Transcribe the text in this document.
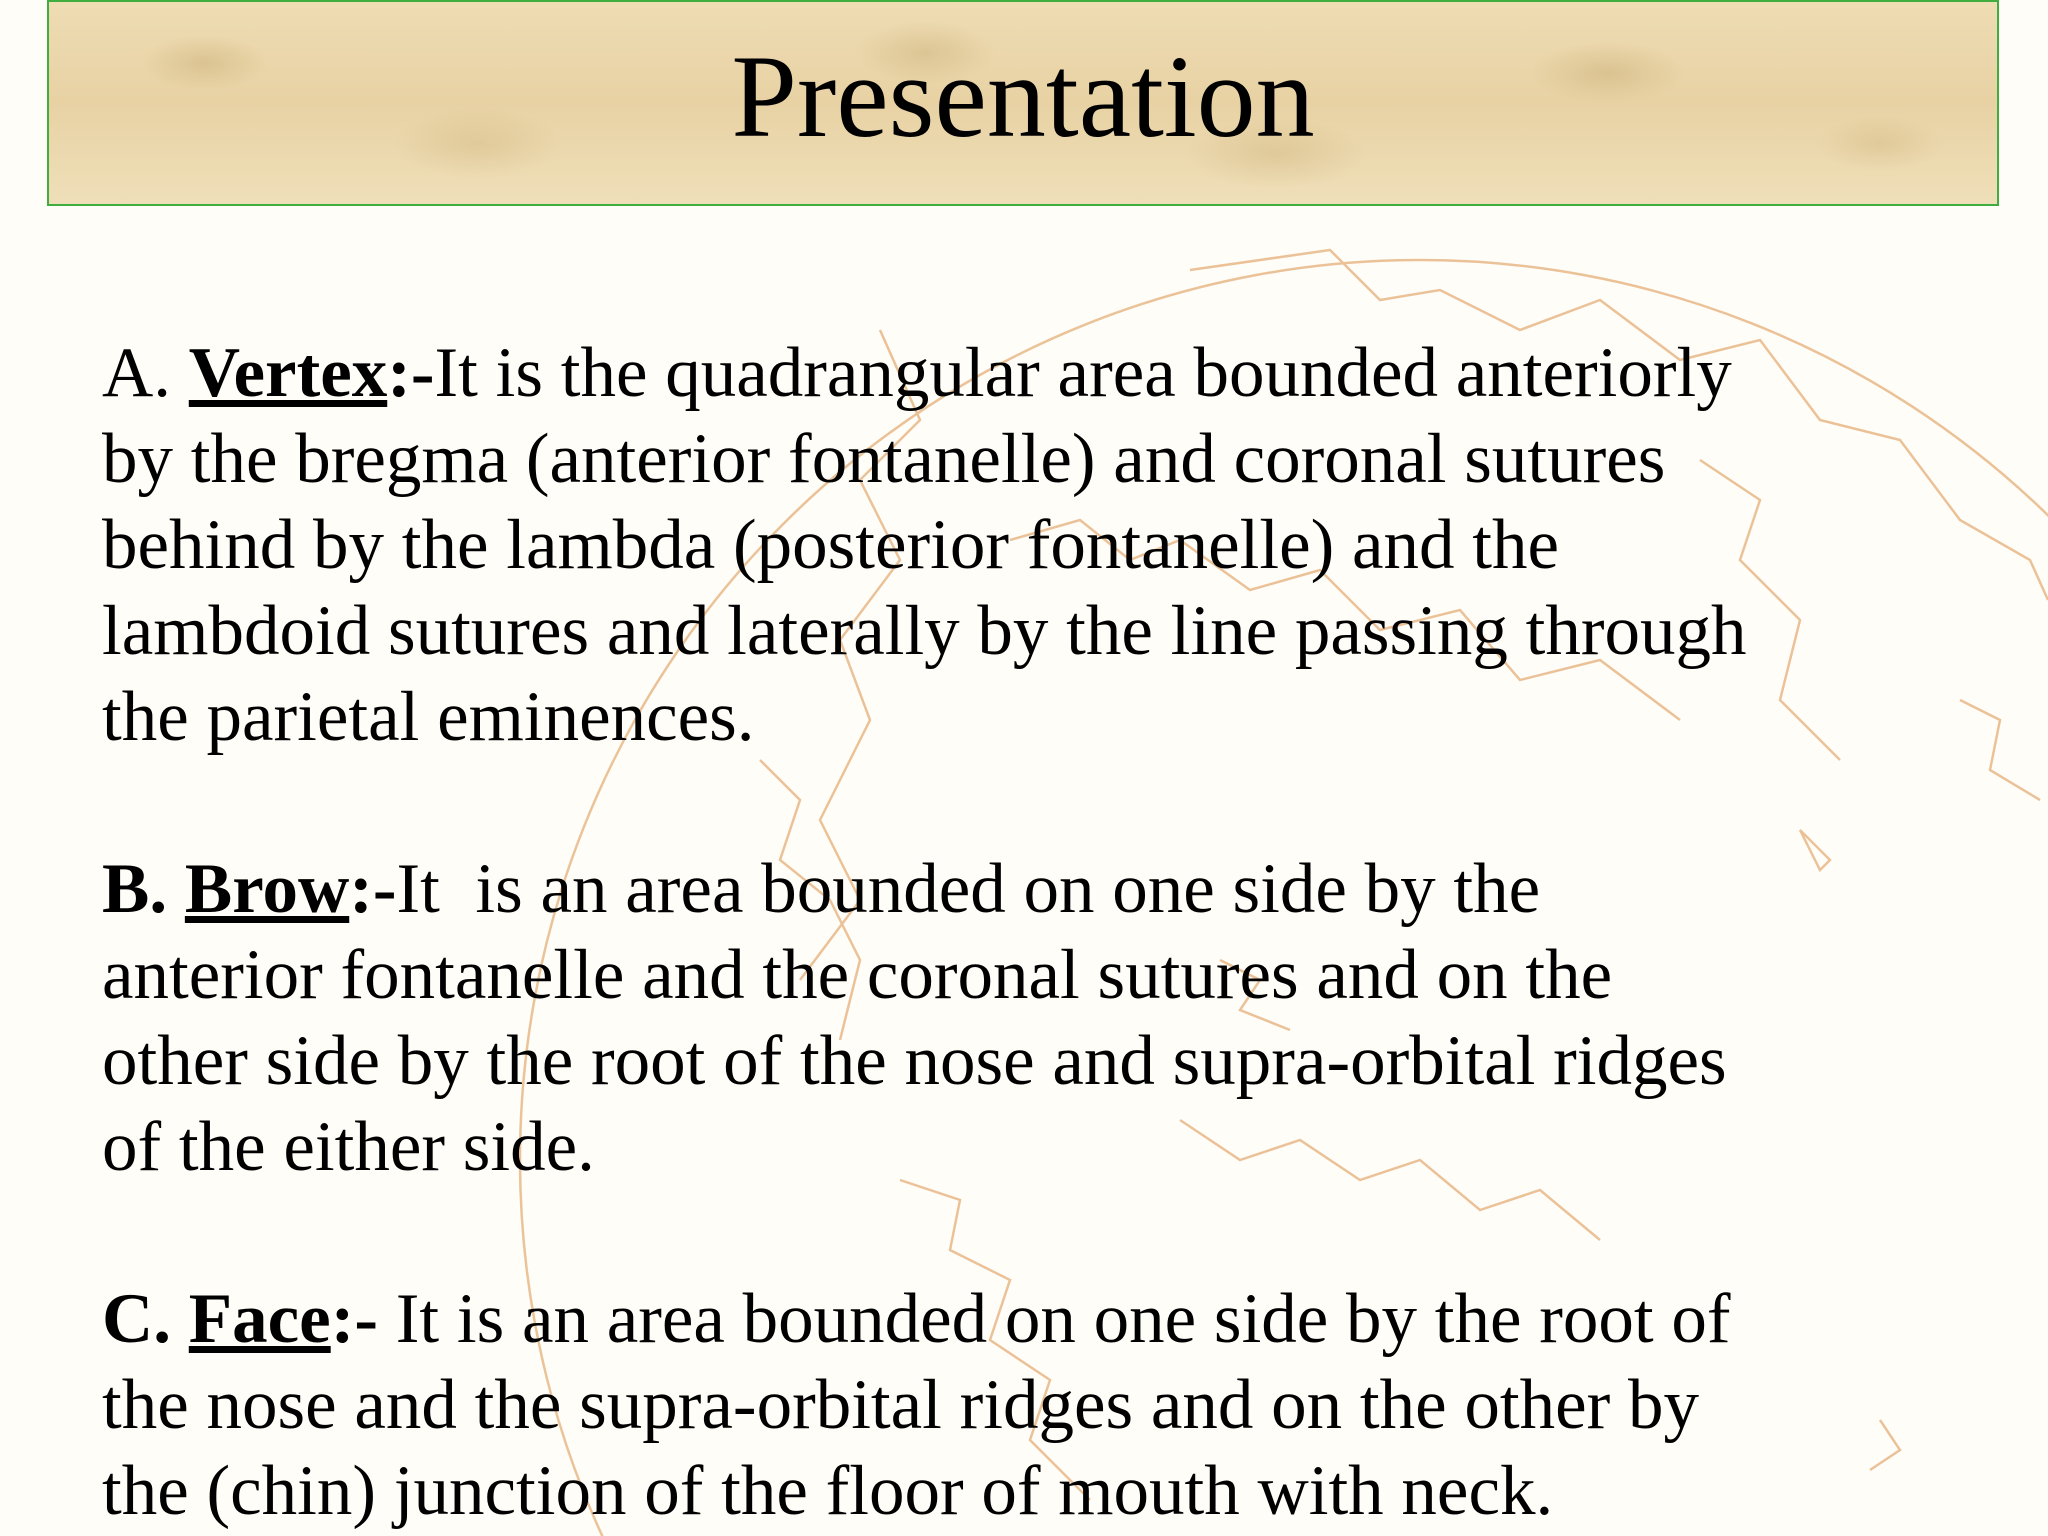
Presentation
A. Vertex:-It is the quadrangular area bounded anteriorly
by the bregma (anterior fontanelle) and coronal sutures
behind by the lambda (posterior fontanelle) and the
lambdoid sutures and laterally by the line passing through
the parietal eminences.
B. Brow:-It  is an area bounded on one side by the
anterior fontanelle and the coronal sutures and on the
other side by the root of the nose and supra-orbital ridges
of the either side.
C. Face:- It is an area bounded on one side by the root of
the nose and the supra-orbital ridges and on the other by
the (chin) junction of the floor of mouth with neck.
